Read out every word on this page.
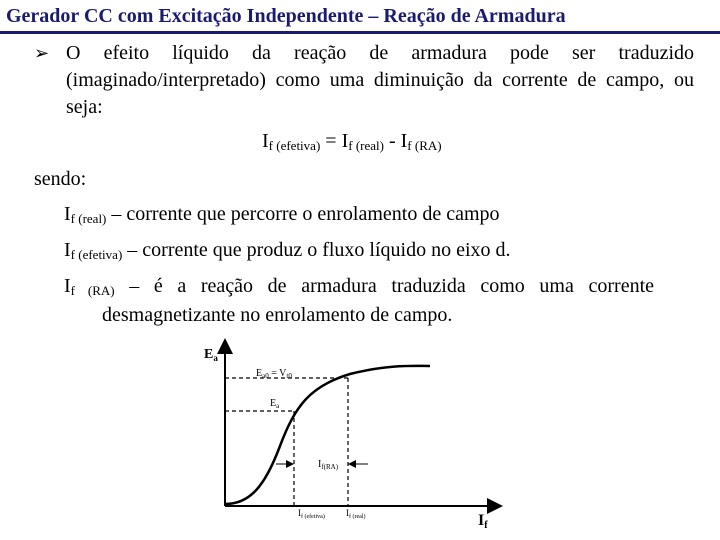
Gerador CC com Excitação Independente – Reação de Armadura
➢ O efeito líquido da reação de armadura pode ser traduzido (imaginado/interpretado) como uma diminuição da corrente de campo, ou seja:
$I_{f (efetiva)} = I_{f (real)} - I_{f (RA)}$
sendo:
$I_{f (real)}$ – corrente que percorre o enrolamento de campo
$I_{f (efetiva)}$ – corrente que produz o fluxo líquido no eixo d.
$I_{f (RA)}$ – é a reação de armadura traduzida como uma corrente
desmagnetizante no enrolamento de campo.
$E_a$
If
$E_{a0} = V_{t0}$
$E_a$
$I_{f(RA)}$
$I_{f (efetiva)}$ $I_{f (real)}$
